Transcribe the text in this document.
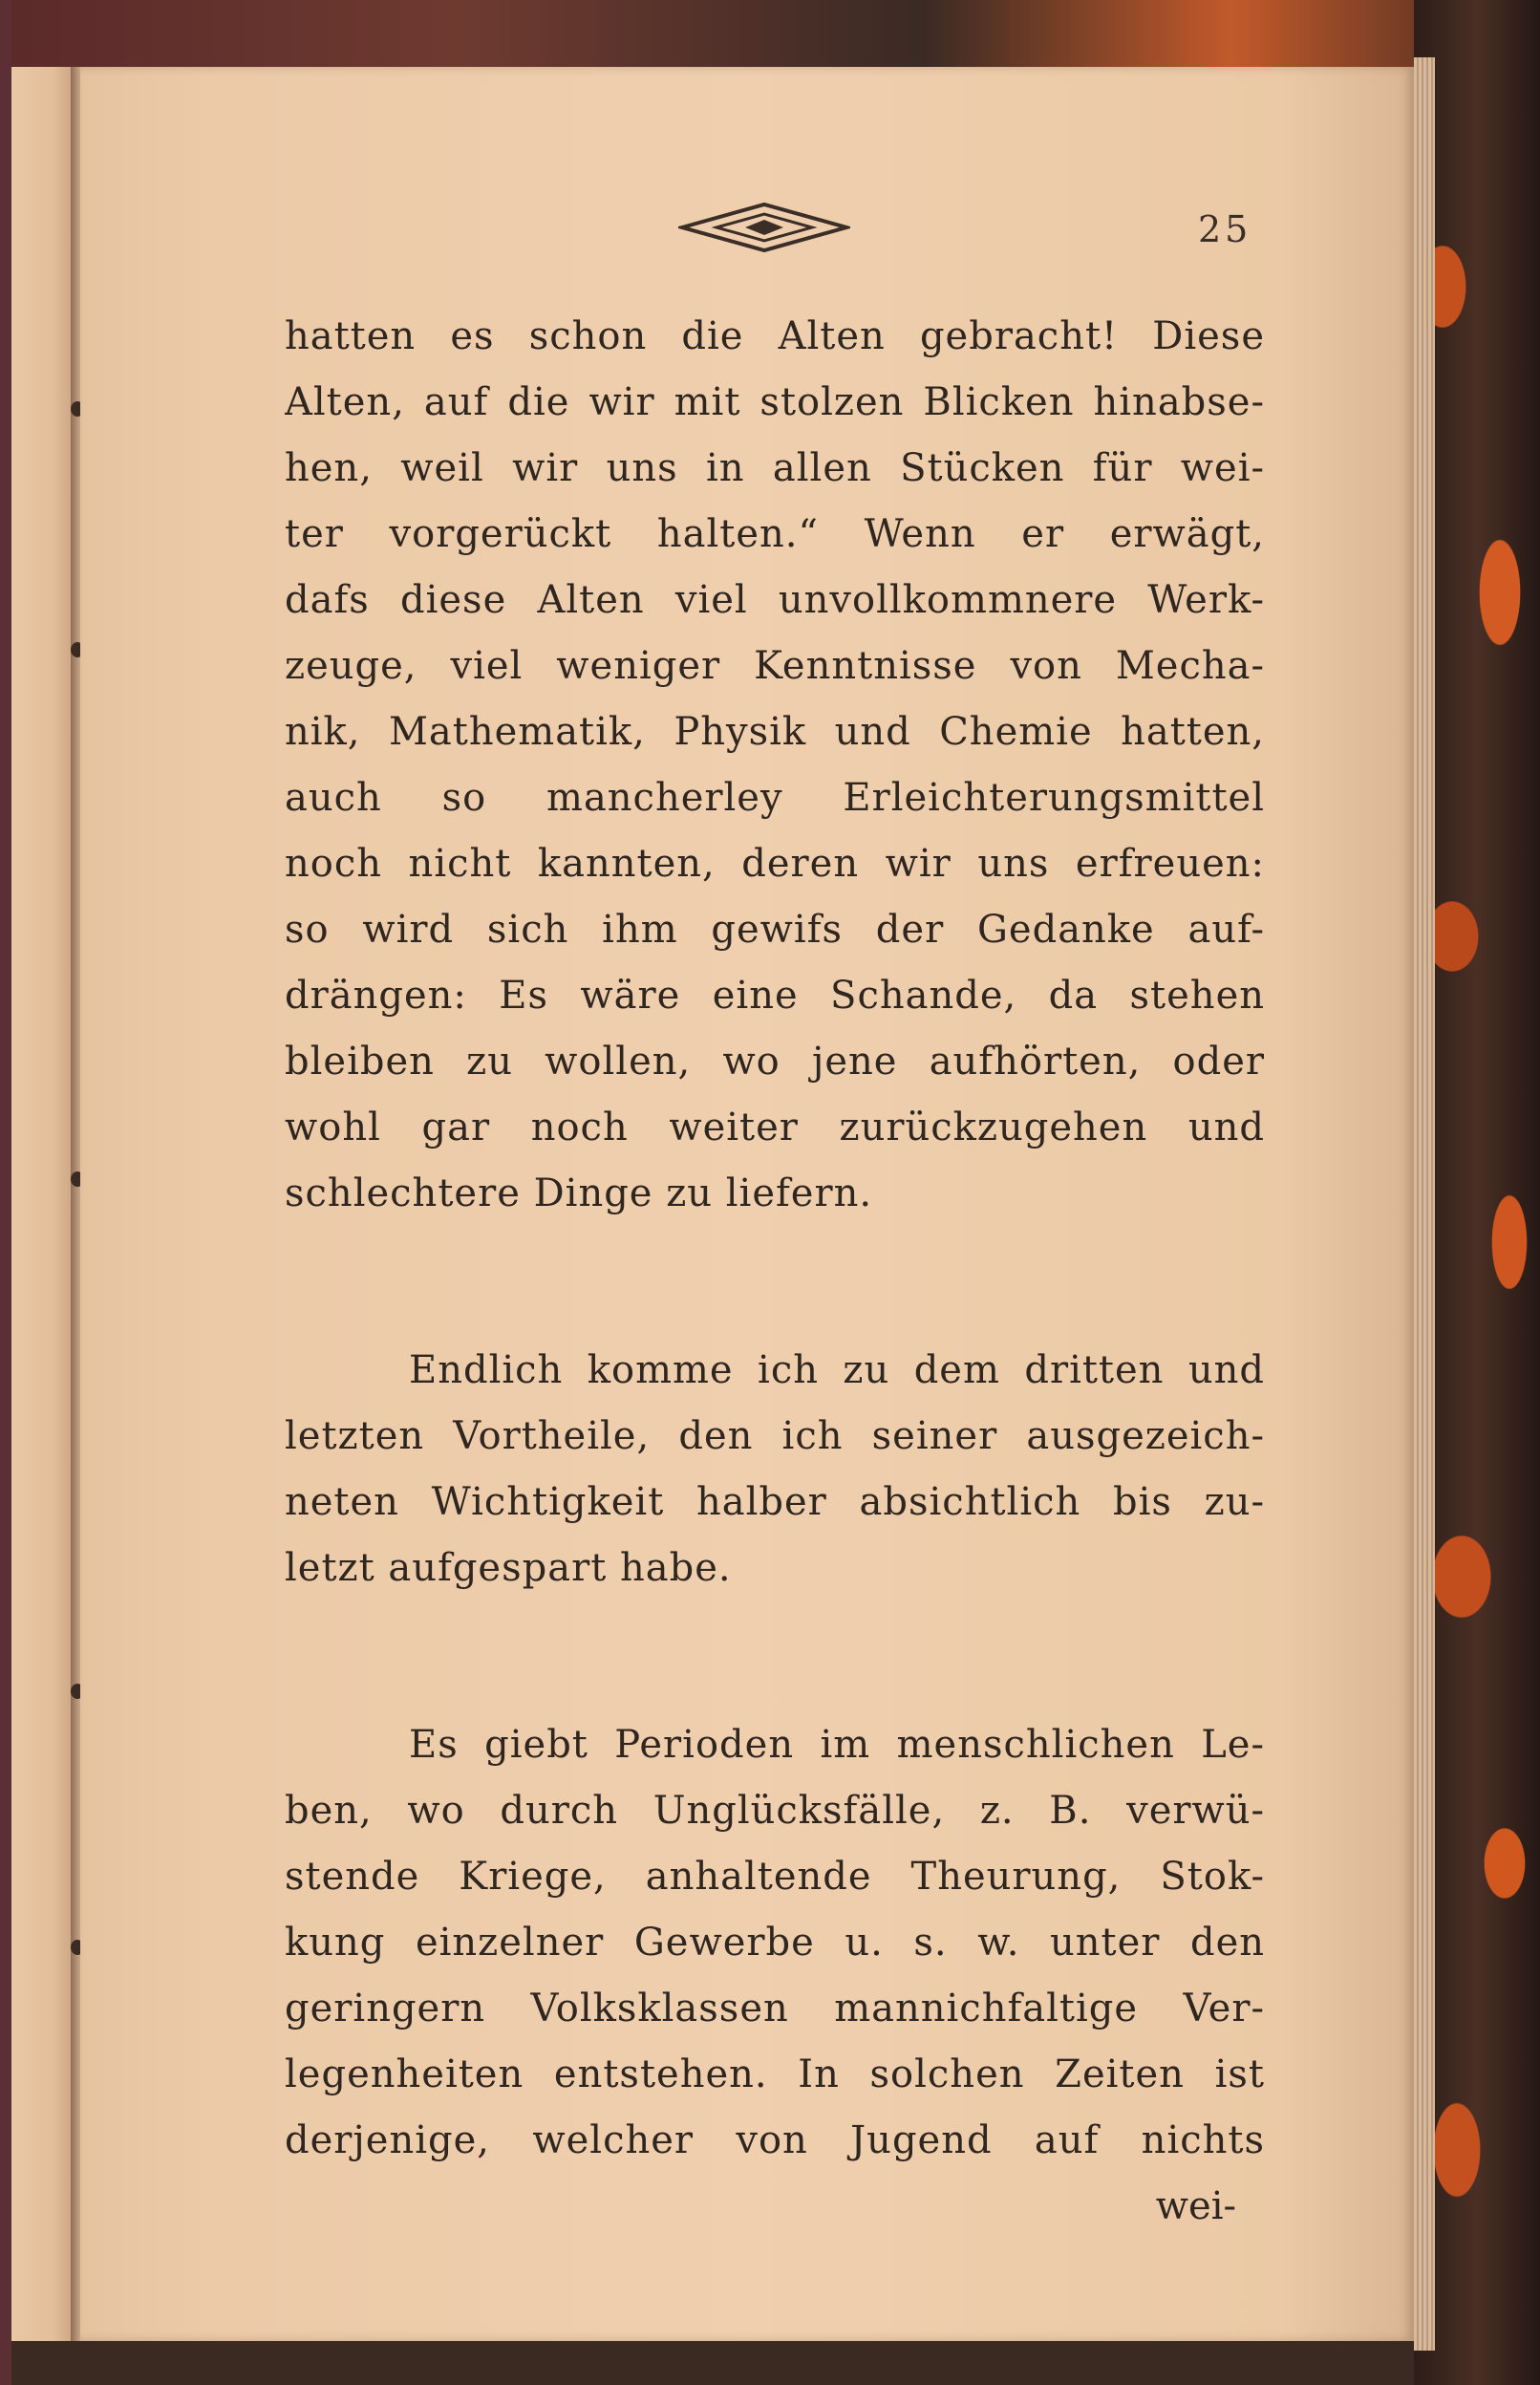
25
hatten es schon die Alten gebracht! Diese
Alten, auf die wir mit stolzen Blicken hinabse-
hen, weil wir uns in allen Stücken für wei-
ter vorgerückt halten.“ Wenn er erwägt,
dafs diese Alten viel unvollkommnere Werk-
zeuge, viel weniger Kenntnisse von Mecha-
nik, Mathematik, Physik und Chemie hatten,
auch so mancherley Erleichterungsmittel
noch nicht kannten, deren wir uns erfreuen:
so wird sich ihm gewifs der Gedanke auf-
drängen: Es wäre eine Schande, da stehen
bleiben zu wollen, wo jene aufhörten, oder
wohl gar noch weiter zurückzugehen und
schlechtere Dinge zu liefern.
Endlich komme ich zu dem dritten und
letzten Vortheile, den ich seiner ausgezeich-
neten Wichtigkeit halber absichtlich bis zu-
letzt aufgespart habe.
Es giebt Perioden im menschlichen Le-
ben, wo durch Unglücksfälle, z. B. verwü-
stende Kriege, anhaltende Theurung, Stok-
kung einzelner Gewerbe u. s. w. unter den
geringern Volksklassen mannichfaltige Ver-
legenheiten entstehen. In solchen Zeiten ist
derjenige, welcher von Jugend auf nichts
wei-
